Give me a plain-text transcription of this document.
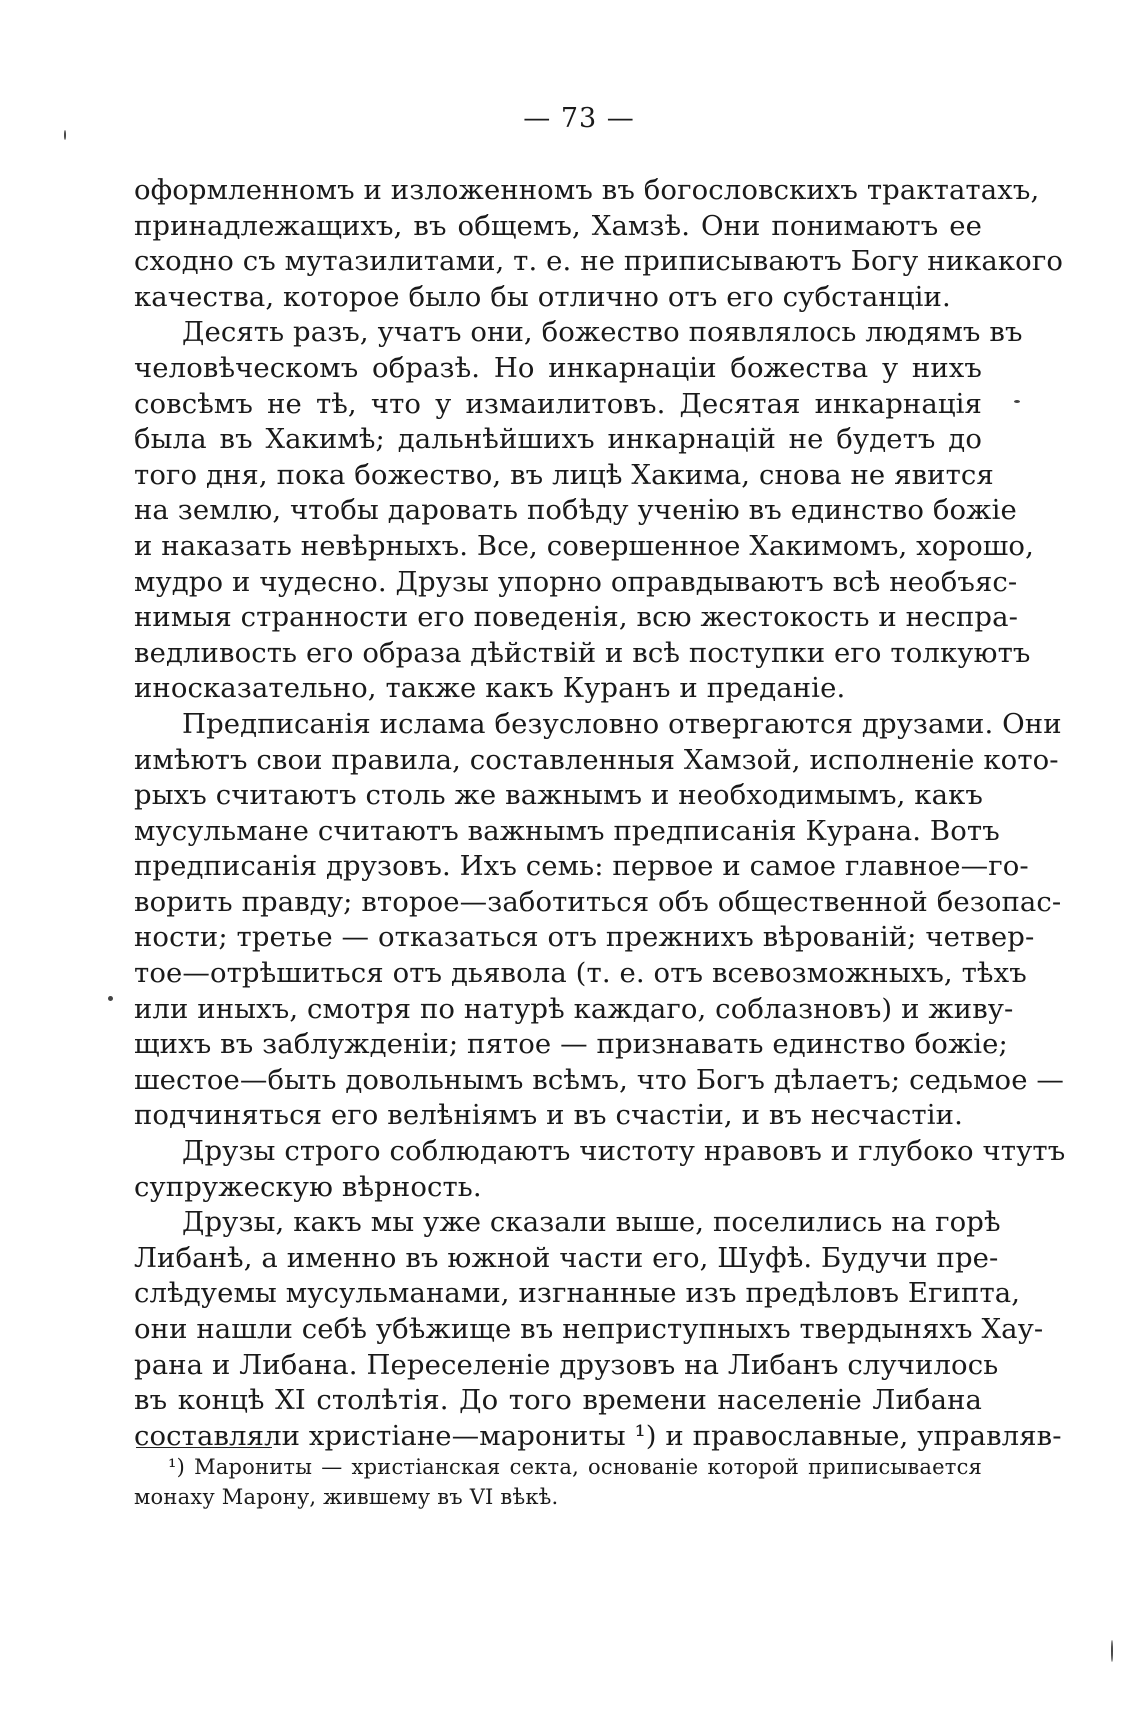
— 73 —

оформленномъ и изложенномъ въ богословскихъ трактатахъ,
принадлежащихъ, въ общемъ, Хамзѣ. Они понимаютъ ее
сходно съ мутазилитами, т. е. не приписываютъ Богу никакого
качества, которое было бы отлично отъ его субстанціи.

Десять разъ, учатъ они, божество появлялось людямъ въ
человѣческомъ образѣ. Но инкарнаціи божества у нихъ
совсѣмъ не тѣ, что у измаилитовъ. Десятая инкарнація
была въ Хакимѣ; дальнѣйшихъ инкарнацій не будетъ до
того дня, пока божество, въ лицѣ Хакима, снова не явится
на землю, чтобы даровать побѣду ученію въ единство божіе
и наказать невѣрныхъ. Все, совершенное Хакимомъ, хорошо,
мудро и чудесно. Друзы упорно оправдываютъ всѣ необъяс-
нимыя странности его поведенія, всю жестокость и неспра-
ведливость его образа дѣйствій и всѣ поступки его толкуютъ
иносказательно, также какъ Куранъ и преданіе.

Предписанія ислама безусловно отвергаются друзами. Они
имѣютъ свои правила, составленныя Хамзой, исполненіе кото-
рыхъ считаютъ столь же важнымъ и необходимымъ, какъ
мусульмане считаютъ важнымъ предписанія Курана. Вотъ
предписанія друзовъ. Ихъ семь: первое и самое главное—го-
ворить правду; второе—заботиться объ общественной безопас-
ности; третье — отказаться отъ прежнихъ вѣрованій; четвер-
тое—отрѣшиться отъ дьявола (т. е. отъ всевозможныхъ, тѣхъ
или иныхъ, смотря по натурѣ каждаго, соблазновъ) и живу-
щихъ въ заблужденіи; пятое — признавать единство божіе;
шестое—быть довольнымъ всѣмъ, что Богъ дѣлаетъ; седьмое —
подчиняться его велѣніямъ и въ счастіи, и въ несчастіи.

Друзы строго соблюдаютъ чистоту нравовъ и глубоко чтутъ
супружескую вѣрность.

Друзы, какъ мы уже сказали выше, поселились на горѣ
Либанѣ, а именно въ южной части его, Шуфѣ. Будучи пре-
слѣдуемы мусульманами, изгнанные изъ предѣловъ Египта,
они нашли себѣ убѣжище въ неприступныхъ твердыняхъ Хау-
рана и Либана. Переселеніе друзовъ на Либанъ случилось
въ концѣ XI столѣтія. До того времени населеніе Либана
составляли христіане—марониты ¹) и православные, управляв-

¹) Марониты — христіанская секта, основаніе которой приписывается
монаху Марону, жившему въ VI вѣкѣ.
